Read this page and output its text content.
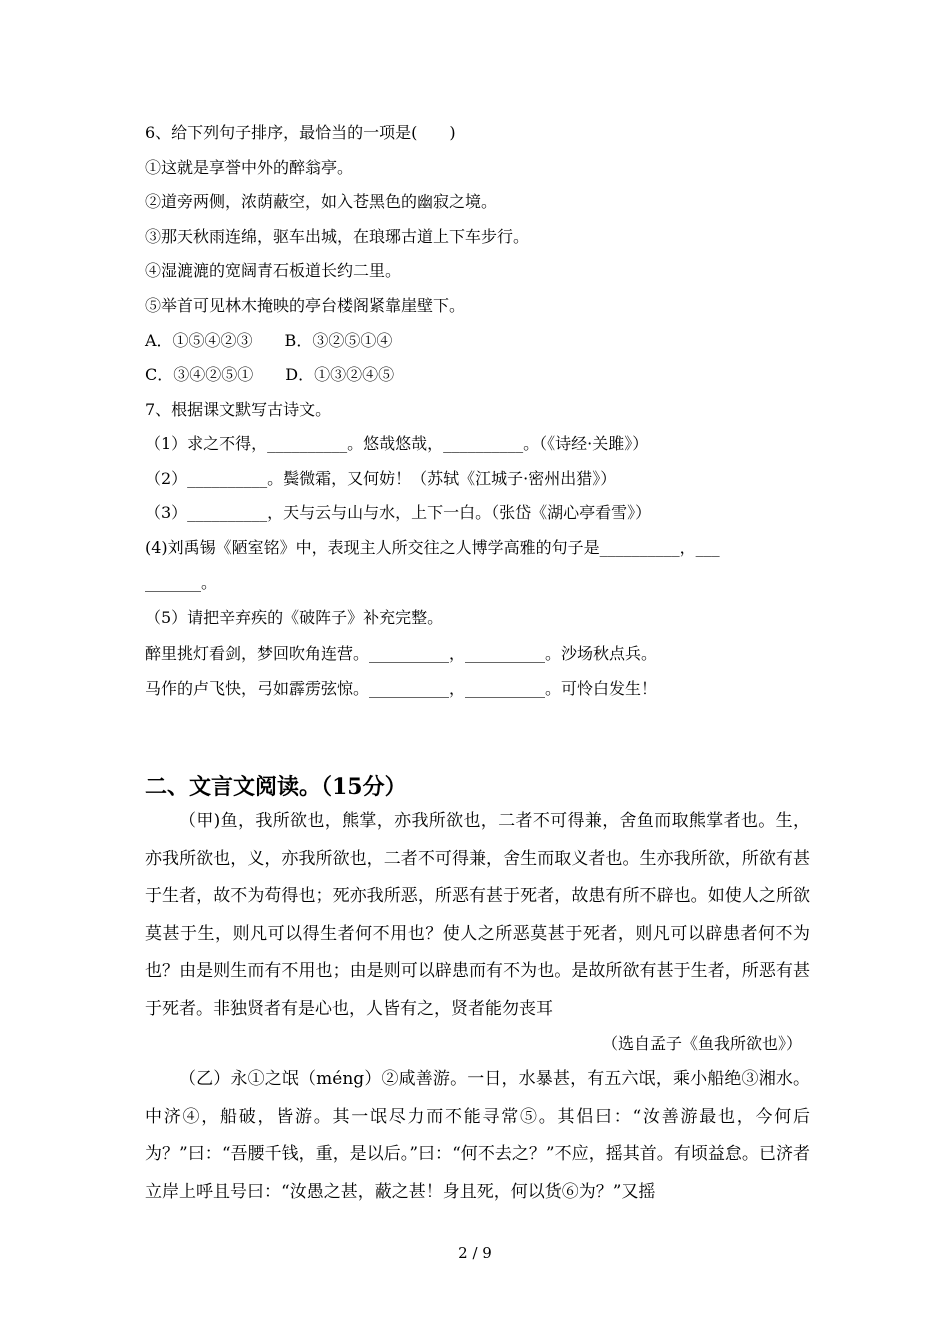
6、给下列句子排序，最恰当的一项是(　　)
①这就是享誉中外的醉翁亭。
②道旁两侧，浓荫蔽空，如入苍黑色的幽寂之境。
③那天秋雨连绵，驱车出城，在琅琊古道上下车步行。
④湿漉漉的宽阔青石板道长约二里。
⑤举首可见林木掩映的亭台楼阁紧靠崖壁下。
A．①⑤④②③　　B．③②⑤①④
C．③④②⑤①　　D．①③②④⑤
7、根据课文默写古诗文。
（1）求之不得，__________。悠哉悠哉，__________。（《诗经·关雎》）
（2）__________。鬓微霜，又何妨！（苏轼《江城子·密州出猎》）
（3）__________，天与云与山与水，上下一白。（张岱《湖心亭看雪》）
(4)刘禹锡《陋室铭》中，表现主人所交往之人博学高雅的句子是__________，___
_______。
（5）请把辛弃疾的《破阵子》补充完整。
醉里挑灯看剑，梦回吹角连营。__________，__________。沙场秋点兵。
马作的卢飞快，弓如霹雳弦惊。__________，__________。可怜白发生！
二、文言文阅读。（15分）
（甲)鱼，我所欲也，熊掌，亦我所欲也，二者不可得兼，舍鱼而取熊掌者也。生，亦我所欲也，义，亦我所欲也，二者不可得兼，舍生而取义者也。生亦我所欲，所欲有甚于生者，故不为苟得也；死亦我所恶，所恶有甚于死者，故患有所不辟也。如使人之所欲莫甚于生，则凡可以得生者何不用也？使人之所恶莫甚于死者，则凡可以辟患者何不为也？由是则生而有不用也；由是则可以辟患而有不为也。是故所欲有甚于生者，所恶有甚于死者。非独贤者有是心也，人皆有之，贤者能勿丧耳
（选自孟子《鱼我所欲也》）
（乙）永①之氓（méng）②咸善游。一日，水暴甚，有五六氓，乘小船绝③湘水。中济④，船破，皆游。其一氓尽力而不能寻常⑤。其侣曰：“汝善游最也，今何后为？”曰：“吾腰千钱，重，是以后。”曰：“何不去之？”不应，摇其首。有顷益怠。已济者立岸上呼且号曰：“汝愚之甚，蔽之甚！身且死，何以货⑥为？”又摇
2 / 9
